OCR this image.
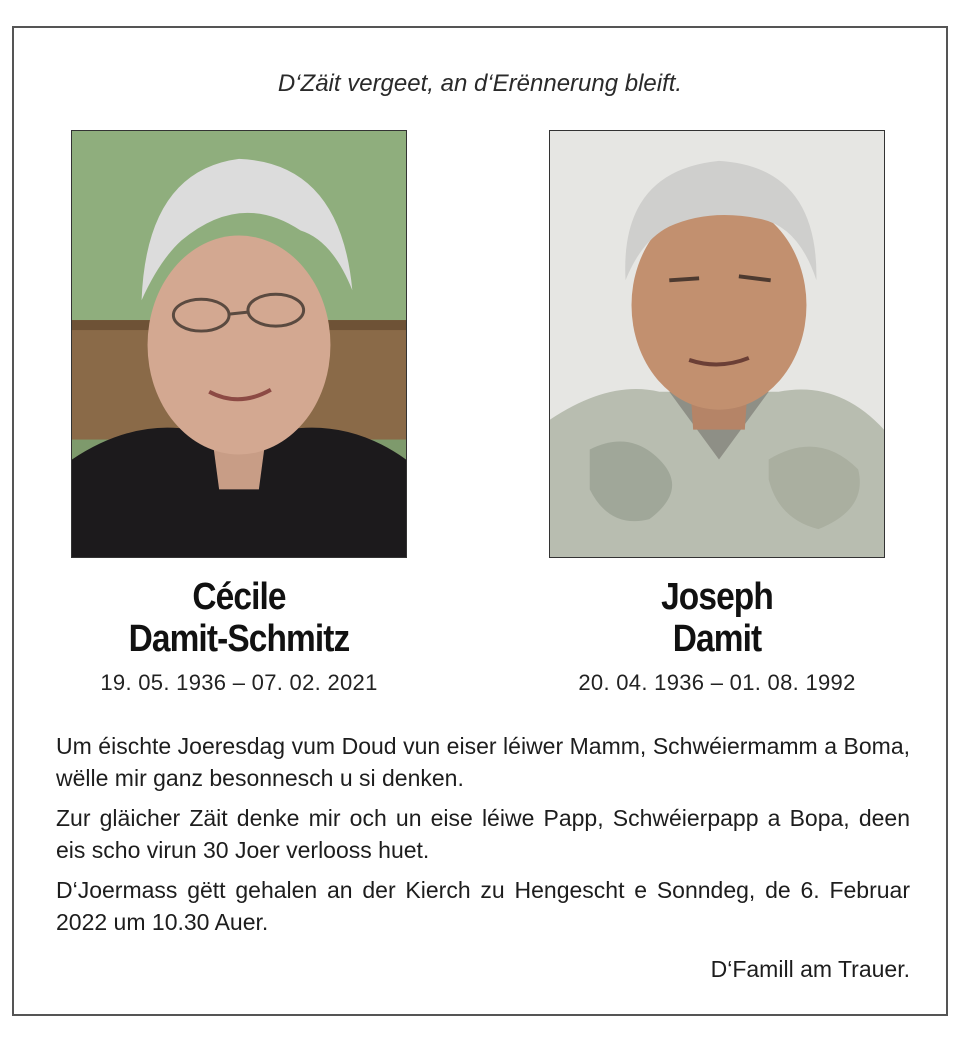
D‘Zäit vergeet, an d‘Erënnerung bleift.
Cécile
Damit-Schmitz
19. 05. 1936 – 07. 02. 2021
Joseph
Damit
20. 04. 1936 – 01. 08. 1992

Um éischte Joeresdag vum Doud vun eiser léiwer Mamm, Schwéiermamm a Boma, wëlle mir ganz besonnesch u si denken.

Zur gläicher Zäit denke mir och un eise léiwe Papp, Schwéierpapp a Bopa, deen eis scho virun 30 Joer verlooss huet.

D‘Joermass gëtt gehalen an der Kierch zu Hengescht e Sonndeg, de 6. Februar 2022 um 10.30 Auer.

D‘Famill am Trauer.
